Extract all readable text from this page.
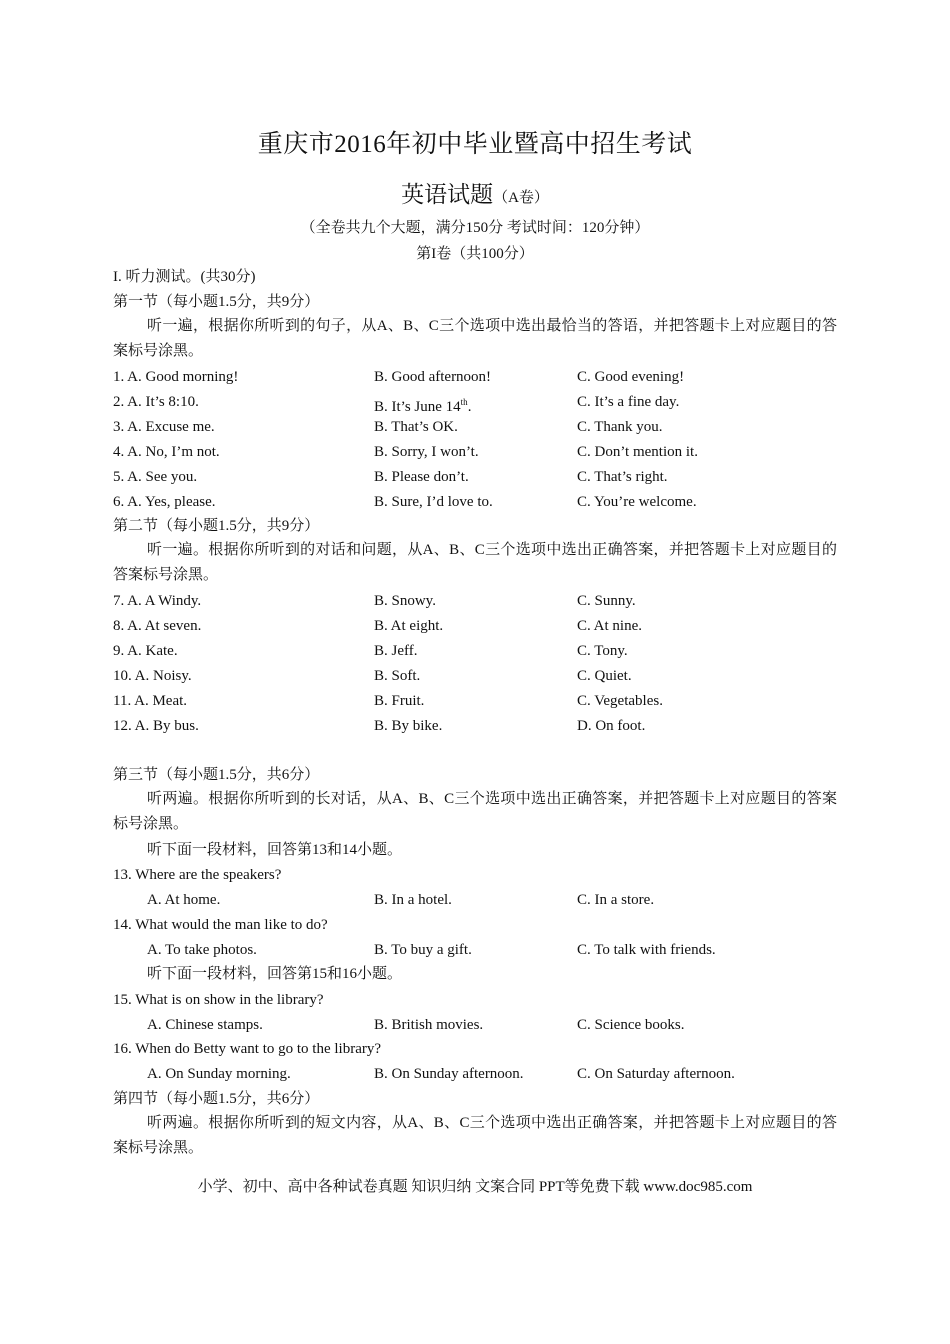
重庆市2016年初中毕业暨高中招生考试
英语试题（A卷）
（全卷共九个大题，满分150分 考试时间：120分钟）
第I卷（共100分）
I. 听力测试。(共30分)
第一节（每小题1.5分，共9分）
听一遍，根据你所听到的句子，从A、B、C三个选项中选出最恰当的答语，并把答题卡上对应题目的答案标号涂黑。
1. A. Good morning!	B. Good afternoon!	C. Good evening!
2. A. It’s 8:10.	B. It’s June 14th.	C. It’s a fine day.
3. A. Excuse me.	B. That’s OK.	C. Thank you.
4. A. No, I’m not.	B. Sorry, I won’t.	C. Don’t mention it.
5. A. See you.	B. Please don’t.	C. That’s right.
6. A. Yes, please.	B. Sure, I’d love to.	C. You’re welcome.
第二节（每小题1.5分，共9分）
听一遍。根据你所听到的对话和问题，从A、B、C三个选项中选出正确答案，并把答题卡上对应题目的答案标号涂黑。
7. A. A Windy.	B. Snowy.	C. Sunny.
8. A. At seven.	B. At eight.	C. At nine.
9. A. Kate.	B. Jeff.	C. Tony.
10. A. Noisy.	B. Soft.	C. Quiet.
11. A. Meat.	B. Fruit.	C. Vegetables.
12. A. By bus.	B. By bike.	D. On foot.
第三节（每小题1.5分，共6分）
听两遍。根据你所听到的长对话，从A、B、C三个选项中选出正确答案，并把答题卡上对应题目的答案标号涂黑。
听下面一段材料，回答第13和14小题。
13. Where are the speakers?
A. At home.	B. In a hotel.	C. In a store.
14. What would the man like to do?
A. To take photos.	B. To buy a gift.	C. To talk with friends.
听下面一段材料，回答第15和16小题。
15. What is on show in the library?
A. Chinese stamps.	B. British movies.	C. Science books.
16. When do Betty want to go to the library?
A. On Sunday morning.	B. On Sunday afternoon.	C. On Saturday afternoon.
第四节（每小题1.5分，共6分）
听两遍。根据你所听到的短文内容，从A、B、C三个选项中选出正确答案，并把答题卡上对应题目的答案标号涂黑。
小学、初中、高中各种试卷真题 知识归纳 文案合同 PPT等免费下载 www.doc985.com
